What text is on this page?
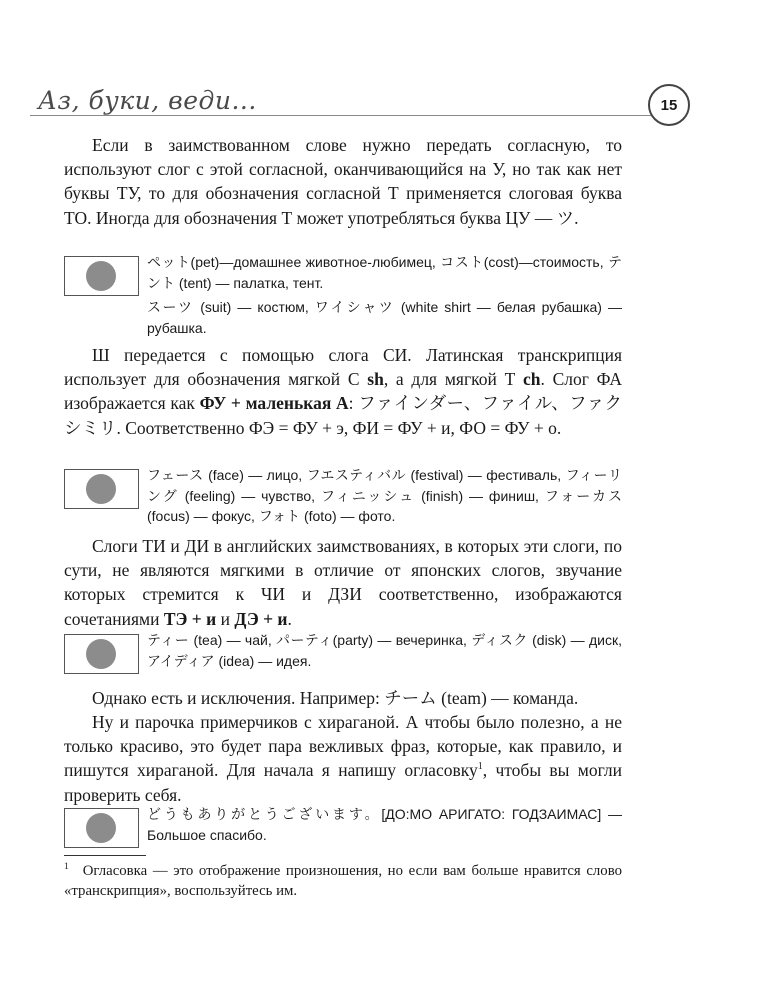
Аз, буки, веди...	15

Если в заимствованном слове нужно передать согласную, то используют слог с этой согласной, оканчивающийся на У, но так как нет буквы ТУ, то для обозначения согласной Т применяется слоговая буква ТО. Иногда для обозначения Т может употребляться буква ЦУ — ツ.

ペット(pet)—домашнее животное-любимец, コスト(cost)—стоимость, テント (tent) — палатка, тент.

スーツ (suit) — костюм, ワイシャツ (white shirt — белая рубашка) — рубашка.

Ш передается с помощью слога СИ. Латинская транскрипция использует для обозначения мягкой С sh, а для мягкой Т ch. Слог ФА изображается как ФУ + маленькая А: ファインダー、ファイル、ファクシミリ. Соответственно ФЭ = ФУ + э, ФИ = ФУ + и, ФО = ФУ + о.

フェース (face) — лицо, フエスティバル (festival) — фестиваль, フィーリング (feeling) — чувство, フィニッシュ (finish) — финиш, フォーカス (focus) — фокус, フォト (foto) — фото.

Слоги ТИ и ДИ в английских заимствованиях, в которых эти слоги, по сути, не являются мягкими в отличие от японских слогов, звучание которых стремится к ЧИ и ДЗИ соответственно, изображаются сочетаниями ТЭ + и и ДЭ + и.

ティー (tea) — чай, パーティ(party) — вечеринка, ディスク (disk) — диск, アイディア (idea) — идея.

Однако есть и исключения. Например: チーム (team) — команда.

Ну и парочка примерчиков с хираганой. А чтобы было полезно, а не только красиво, это будет пара вежливых фраз, которые, как правило, и пишутся хираганой. Для начала я напишу огласовку$^1$, чтобы вы могли проверить себя.

どうもありがとうございます。[ДО:МО АРИГАТО: ГОДЗАИМАС] — Большое спасибо.

$^1$ Огласовка — это отображение произношения, но если вам больше нравится слово «транскрипция», воспользуйтесь им.
